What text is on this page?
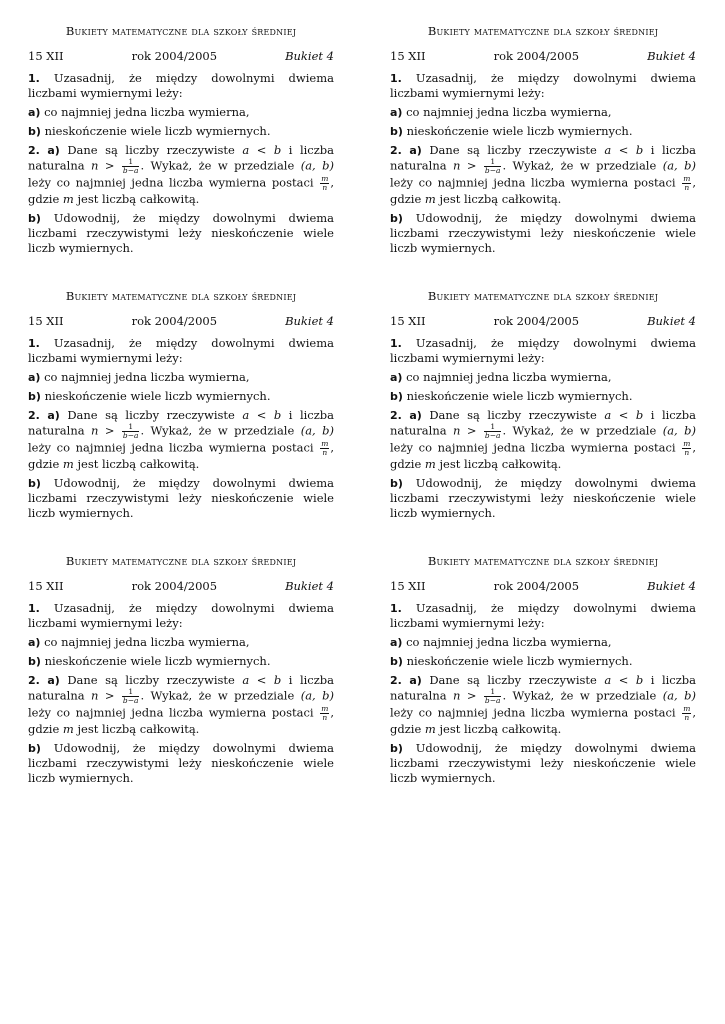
Bukiety matematyczne dla szkoły średniej
15 XII	rok 2004/2005	Bukiet 4
1. Uzasadnij, że między dowolnymi dwiema liczbami wymiernymi leży:
a) co najmniej jedna liczba wymierna,
b) nieskończenie wiele liczb wymiernych.
2. a) Dane są liczby rzeczywiste a < b i liczba naturalna $n > \frac{1}{b-a}$ . Wykaż, że w przedziale (a, b) leży co najmniej jedna liczba wymierna postaci $\frac{m}{n}$ , gdzie m jest liczbą całkowitą.
b) Udowodnij, że między dowolnymi dwiema liczbami rzeczywistymi leży nieskończenie wiele liczb wymiernych.
Bukiety matematyczne dla szkoły średniej
15 XII	rok 2004/2005	Bukiet 4
1. Uzasadnij, że między dowolnymi dwiema liczbami wymiernymi leży:
a) co najmniej jedna liczba wymierna,
b) nieskończenie wiele liczb wymiernych.
2. a) Dane są liczby rzeczywiste a < b i liczba naturalna $n > \frac{1}{b-a}$ . Wykaż, że w przedziale (a, b) leży co najmniej jedna liczba wymierna postaci $\frac{m}{n}$ , gdzie m jest liczbą całkowitą.
b) Udowodnij, że między dowolnymi dwiema liczbami rzeczywistymi leży nieskończenie wiele liczb wymiernych.
Bukiety matematyczne dla szkoły średniej
15 XII	rok 2004/2005	Bukiet 4
1. Uzasadnij, że między dowolnymi dwiema liczbami wymiernymi leży:
a) co najmniej jedna liczba wymierna,
b) nieskończenie wiele liczb wymiernych.
2. a) Dane są liczby rzeczywiste a < b i liczba naturalna $n > \frac{1}{b-a}$ . Wykaż, że w przedziale (a, b) leży co najmniej jedna liczba wymierna postaci $\frac{m}{n}$ , gdzie m jest liczbą całkowitą.
b) Udowodnij, że między dowolnymi dwiema liczbami rzeczywistymi leży nieskończenie wiele liczb wymiernych.
Bukiety matematyczne dla szkoły średniej
15 XII	rok 2004/2005	Bukiet 4
1. Uzasadnij, że między dowolnymi dwiema liczbami wymiernymi leży:
a) co najmniej jedna liczba wymierna,
b) nieskończenie wiele liczb wymiernych.
2. a) Dane są liczby rzeczywiste a < b i liczba naturalna $n > \frac{1}{b-a}$ . Wykaż, że w przedziale (a, b) leży co najmniej jedna liczba wymierna postaci $\frac{m}{n}$ , gdzie m jest liczbą całkowitą.
b) Udowodnij, że między dowolnymi dwiema liczbami rzeczywistymi leży nieskończenie wiele liczb wymiernych.
Bukiety matematyczne dla szkoły średniej
15 XII	rok 2004/2005	Bukiet 4
1. Uzasadnij, że między dowolnymi dwiema liczbami wymiernymi leży:
a) co najmniej jedna liczba wymierna,
b) nieskończenie wiele liczb wymiernych.
2. a) Dane są liczby rzeczywiste a < b i liczba naturalna $n > \frac{1}{b-a}$ . Wykaż, że w przedziale (a, b) leży co najmniej jedna liczba wymierna postaci $\frac{m}{n}$ , gdzie m jest liczbą całkowitą.
b) Udowodnij, że między dowolnymi dwiema liczbami rzeczywistymi leży nieskończenie wiele liczb wymiernych.
Bukiety matematyczne dla szkoły średniej
15 XII	rok 2004/2005	Bukiet 4
1. Uzasadnij, że między dowolnymi dwiema liczbami wymiernymi leży:
a) co najmniej jedna liczba wymierna,
b) nieskończenie wiele liczb wymiernych.
2. a) Dane są liczby rzeczywiste a < b i liczba naturalna $n > \frac{1}{b-a}$ . Wykaż, że w przedziale (a, b) leży co najmniej jedna liczba wymierna postaci $\frac{m}{n}$ , gdzie m jest liczbą całkowitą.
b) Udowodnij, że między dowolnymi dwiema liczbami rzeczywistymi leży nieskończenie wiele liczb wymiernych.
